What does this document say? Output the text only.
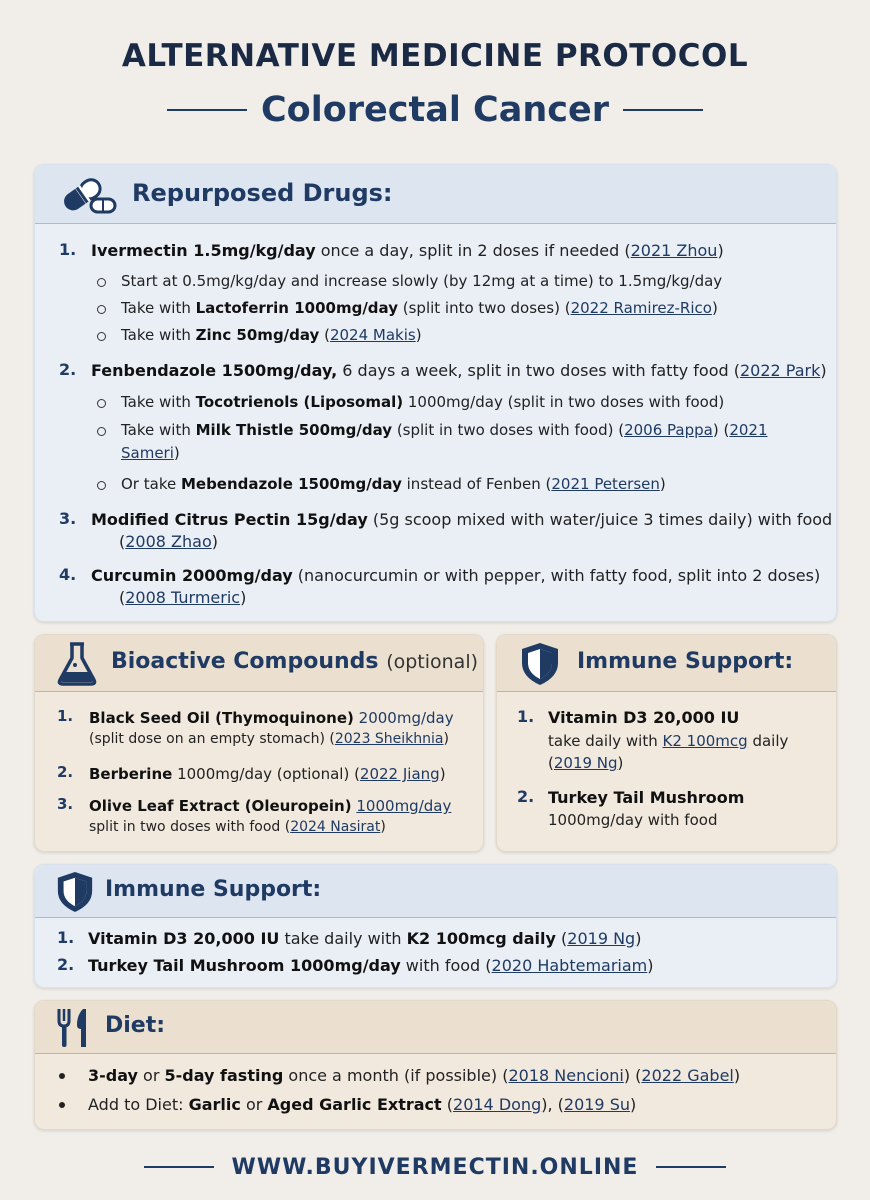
ALTERNATIVE MEDICINE PROTOCOL
Colorectal Cancer
Repurposed Drugs:
1. Ivermectin 1.5mg/kg/day once a day, split in 2 doses if needed (2021 Zhou)
Start at 0.5mg/kg/day and increase slowly (by 12mg at a time) to 1.5mg/kg/day
Take with Lactoferrin 1000mg/day (split into two doses) (2022 Ramirez-Rico)
Take with Zinc 50mg/day (2024 Makis)
2. Fenbendazole 1500mg/day, 6 days a week, split in two doses with fatty food (2022 Park)
Take with Tocotrienols (Liposomal) 1000mg/day (split in two doses with food)
Take with Milk Thistle 500mg/day (split in two doses with food) (2006 Pappa) (2021
Sameri)
Or take Mebendazole 1500mg/day instead of Fenben (2021 Petersen)
3. Modified Citrus Pectin 15g/day (5g scoop mixed with water/juice 3 times daily) with food
(2008 Zhao)
4. Curcumin 2000mg/day (nanocurcumin or with pepper, with fatty food, split into 2 doses)
(2008 Turmeric)
Bioactive Compounds (optional)
1. Black Seed Oil (Thymoquinone) 2000mg/day
(split dose on an empty stomach) (2023 Sheikhnia)
2. Berberine 1000mg/day (optional) (2022 Jiang)
3. Olive Leaf Extract (Oleuropein) 1000mg/day
split in two doses with food (2024 Nasirat)
Immune Support:
1. Vitamin D3 20,000 IU
take daily with K2 100mcg daily
(2019 Ng)
2. Turkey Tail Mushroom
1000mg/day with food
Immune Support:
1. Vitamin D3 20,000 IU take daily with K2 100mcg daily (2019 Ng)
2. Turkey Tail Mushroom 1000mg/day with food (2020 Habtemariam)
Diet:
3-day or 5-day fasting once a month (if possible) (2018 Nencioni) (2022 Gabel)
Add to Diet: Garlic or Aged Garlic Extract (2014 Dong), (2019 Su)
WWW.BUYIVERMECTIN.ONLINE
